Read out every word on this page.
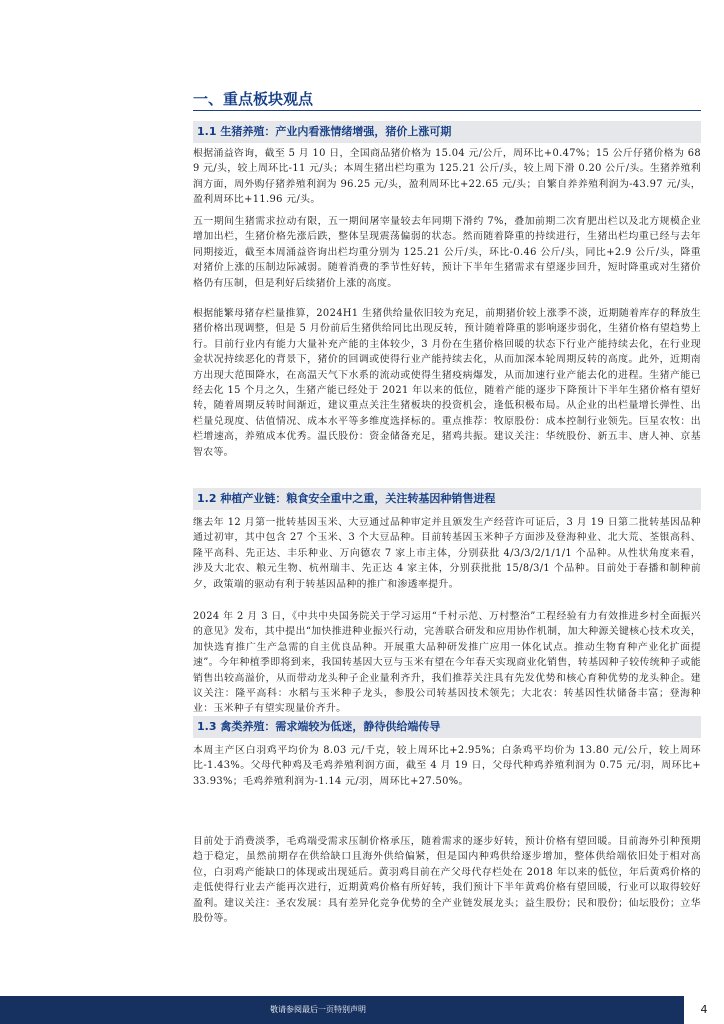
一、重点板块观点
1.1 生猪养殖：产业内看涨情绪增强，猪价上涨可期

根据涌益咨询，截至 5 月 10 日，全国商品猪价格为 15.04 元/公斤，周环比+0.47%；15 公斤仔猪价格为 689 元/头，较上周环比-11 元/头；本周生猪出栏均重为 125.21 公斤/头，较上周下滑 0.20 公斤/头。生猪养殖利润方面，周外购仔猪养殖利润为 96.25 元/头，盈利周环比+22.65 元/头；自繁自养养殖利润为-43.97 元/头，盈利周环比+11.96 元/头。

五一期间生猪需求拉动有限，五一期间屠宰量较去年同期下滑约 7%，叠加前期二次育肥出栏以及北方规模企业增加出栏，生猪价格先涨后跌，整体呈现震荡偏弱的状态。然而随着降重的持续进行，生猪出栏均重已经与去年同期接近，截至本周涌益咨询出栏均重分别为 125.21 公斤/头，环比-0.46 公斤/头，同比+2.9 公斤/头，降重对猪价上涨的压制边际减弱。随着消费的季节性好转，预计下半年生猪需求有望逐步回升，短时降重或对生猪价格仍有压制，但是利好后续猪价上涨的高度。

根据能繁母猪存栏量推算，2024H1 生猪供给量依旧较为充足，前期猪价较上涨季不淡，近期随着库存的释放生猪价格出现调整，但是 5 月份前后生猪供给同比出现反转，预计随着降重的影响逐步弱化，生猪价格有望趋势上行。目前行业内有能力大量补充产能的主体较少，3 月份在生猪价格回暖的状态下行业产能持续去化，在行业现金状况持续恶化的背景下，猪价的回调或使得行业产能持续去化，从而加深本轮周期反转的高度。此外，近期南方出现大范围降水，在高温天气下水系的流动或使得生猪疫病爆发，从而加速行业产能去化的进程。生猪产能已经去化 15 个月之久，生猪产能已经处于 2021 年以来的低位，随着产能的逐步下降预计下半年生猪价格有望好转，随着周期反转时间渐近，建议重点关注生猪板块的投资机会，逢低积极布局。从企业的出栏量增长弹性、出栏量兑现度、估值情况、成本水平等多维度选择标的。重点推荐：牧原股份：成本控制行业领先。巨星农牧：出栏增速高，养殖成本优秀。温氏股份：资金储备充足，猪鸡共振。建议关注：华统股份、新五丰、唐人神、京基智农等。

1.2 种植产业链：粮食安全重中之重，关注转基因种销售进程

继去年 12 月第一批转基因玉米、大豆通过品种审定并且颁发生产经营许可证后，3 月 19 日第二批转基因品种通过初审，其中包含 27 个玉米、3 个大豆品种。目前转基因玉米种子方面涉及登海种业、北大荒、荃银高科、隆平高科、先正达、丰乐种业、万向德农 7 家上市主体，分别获批 4/3/3/2/1/1/1 个品种。从性状角度来看，涉及大北农、粮元生物、杭州瑞丰、先正达 4 家主体，分别获批批 15/8/3/1 个品种。目前处于春播和制种前夕，政策端的驱动有利于转基因品种的推广和渗透率提升。

2024 年 2 月 3 日，《中共中央国务院关于学习运用“千村示范、万村整治”工程经验有力有效推进乡村全面振兴的意见》发布，其中提出“加快推进种业振兴行动，完善联合研发和应用协作机制，加大种源关键核心技术攻关，加快选育推广生产急需的自主优良品种。开展重大品种研发推广应用一体化试点。推动生物育种产业化扩面提速”。今年种植季即将到来，我国转基因大豆与玉米有望在今年春天实现商业化销售，转基因种子较传统种子或能销售出较高溢价，从而带动龙头种子企业量利齐升，我们推荐关注具有先发优势和核心育种优势的龙头种企。建议关注：隆平高科：水稻与玉米种子龙头，参股公司转基因技术领先；大北农：转基因性状储备丰富；登海种业：玉米种子有望实现量价齐升。

1.3 禽类养殖：需求端较为低迷，静待供给端传导

本周主产区白羽鸡平均价为 8.03 元/千克，较上周环比+2.95%；白条鸡平均价为 13.80 元/公斤，较上周环比-1.43%。父母代种鸡及毛鸡养殖利润方面，截至 4 月 19 日，父母代种鸡养殖利润为 0.75 元/羽，周环比+33.93%；毛鸡养殖利润为-1.14 元/羽，周环比+27.50%。

目前处于消费淡季，毛鸡端受需求压制价格承压，随着需求的逐步好转，预计价格有望回暖。目前海外引种预期趋于稳定，虽然前期存在供给缺口且海外供给偏紧，但是国内种鸡供给逐步增加，整体供给端依旧处于相对高位，白羽鸡产能缺口的体现或出现延后。黄羽鸡目前在产父母代存栏处在 2018 年以来的低位，年后黄鸡价格的走低使得行业去产能再次进行，近期黄鸡价格有所好转，我们预计下半年黄鸡价格有望回暖，行业可以取得较好盈利。建议关注：圣农发展：具有差异化竞争优势的全产业链发展龙头；益生股份；民和股份；仙坛股份；立华股份等。

敬请参阅最后一页特别声明	4
